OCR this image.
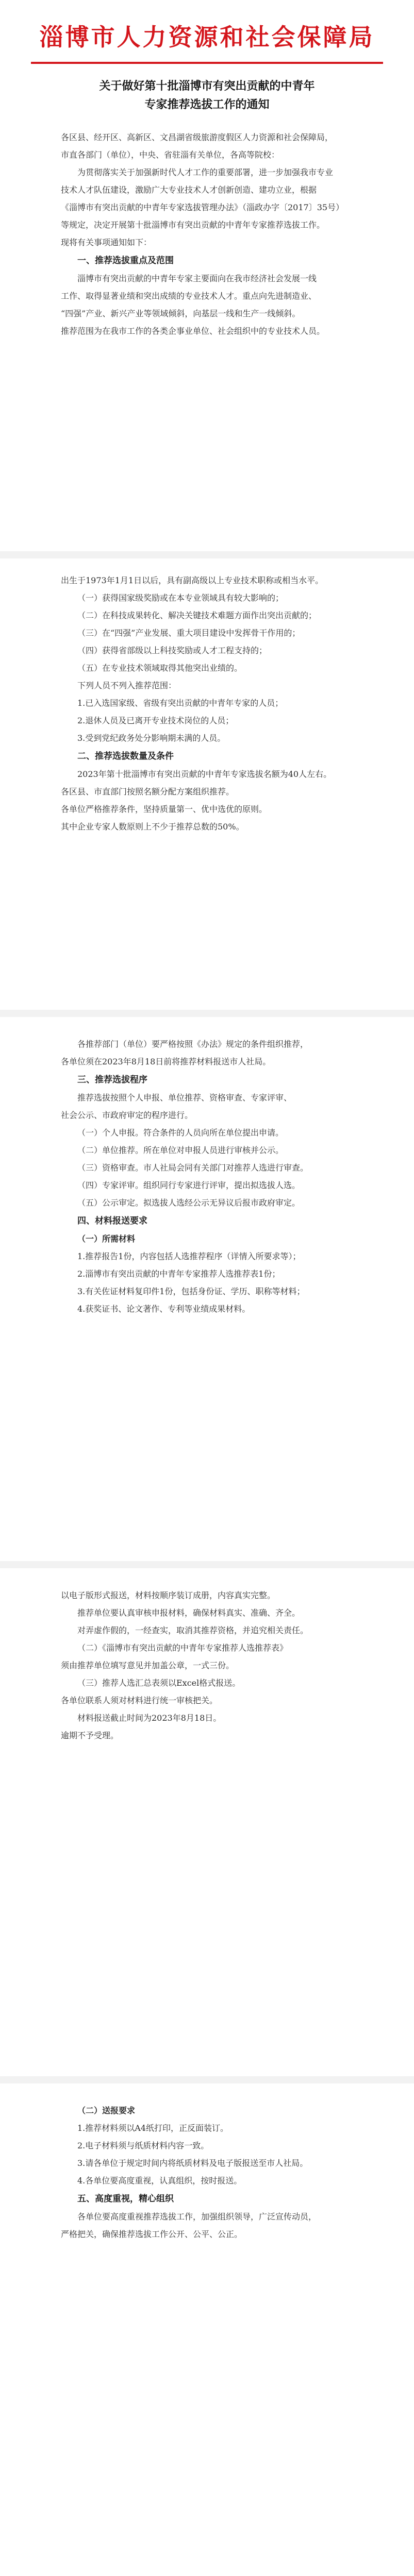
淄博市人力资源和社会保障局
关于做好第十批淄博市有突出贡献的中青年
专家推荐选拔工作的通知
各区县、经开区、高新区、文昌湖省级旅游度假区人力资源和社会保障局，
市直各部门（单位），中央、省驻淄有关单位，各高等院校：
为贯彻落实关于加强新时代人才工作的重要部署，进一步加强我市专业
技术人才队伍建设，激励广大专业技术人才创新创造、建功立业，根据
《淄博市有突出贡献的中青年专家选拔管理办法》（淄政办字〔2017〕35号）
等规定，决定开展第十批淄博市有突出贡献的中青年专家推荐选拔工作。
现将有关事项通知如下：
一、推荐选拔重点及范围
淄博市有突出贡献的中青年专家主要面向在我市经济社会发展一线
工作、取得显著业绩和突出成绩的专业技术人才。重点向先进制造业、
“四强”产业、新兴产业等领域倾斜，向基层一线和生产一线倾斜。
推荐范围为在我市工作的各类企事业单位、社会组织中的专业技术人员。
出生于1973年1月1日以后，具有副高级以上专业技术职称或相当水平。
（一）获得国家级奖励或在本专业领域具有较大影响的；
（二）在科技成果转化、解决关键技术难题方面作出突出贡献的；
（三）在“四强”产业发展、重大项目建设中发挥骨干作用的；
（四）获得省部级以上科技奖励或人才工程支持的；
（五）在专业技术领域取得其他突出业绩的。
下列人员不列入推荐范围：
1.已入选国家级、省级有突出贡献的中青年专家的人员；
2.退休人员及已离开专业技术岗位的人员；
3.受到党纪政务处分影响期未满的人员。
二、推荐选拔数量及条件
2023年第十批淄博市有突出贡献的中青年专家选拔名额为40人左右。
各区县、市直部门按照名额分配方案组织推荐。
各单位严格推荐条件，坚持质量第一、优中选优的原则。
其中企业专家人数原则上不少于推荐总数的50%。
各推荐部门（单位）要严格按照《办法》规定的条件组织推荐，
各单位须在2023年8月18日前将推荐材料报送市人社局。
三、推荐选拔程序
推荐选拔按照个人申报、单位推荐、资格审查、专家评审、
社会公示、市政府审定的程序进行。
（一）个人申报。符合条件的人员向所在单位提出申请。
（二）单位推荐。所在单位对申报人员进行审核并公示。
（三）资格审查。市人社局会同有关部门对推荐人选进行审查。
（四）专家评审。组织同行专家进行评审，提出拟选拔人选。
（五）公示审定。拟选拔人选经公示无异议后报市政府审定。
四、材料报送要求
（一）所需材料
1.推荐报告1份，内容包括人选推荐程序（详情入所要求等）；
2.淄博市有突出贡献的中青年专家推荐人选推荐表1份；
3.有关佐证材料复印件1份，包括身份证、学历、职称等材料；
4.获奖证书、论文著作、专利等业绩成果材料。
以电子版形式报送，材料按顺序装订成册，内容真实完整。
推荐单位要认真审核申报材料，确保材料真实、准确、齐全。
对弄虚作假的，一经查实，取消其推荐资格，并追究相关责任。
（二）《淄博市有突出贡献的中青年专家推荐人选推荐表》
须由推荐单位填写意见并加盖公章，一式三份。
（三）推荐人选汇总表须以Excel格式报送。
各单位联系人须对材料进行统一审核把关。
材料报送截止时间为2023年8月18日。
逾期不予受理。
（二）送报要求
1.推荐材料须以A4纸打印，正反面装订。
2.电子材料须与纸质材料内容一致。
3.请各单位于规定时间内将纸质材料及电子版报送至市人社局。
4.各单位要高度重视，认真组织，按时报送。
五、高度重视，精心组织
各单位要高度重视推荐选拔工作，加强组织领导，广泛宣传动员，
严格把关，确保推荐选拔工作公开、公平、公正。
